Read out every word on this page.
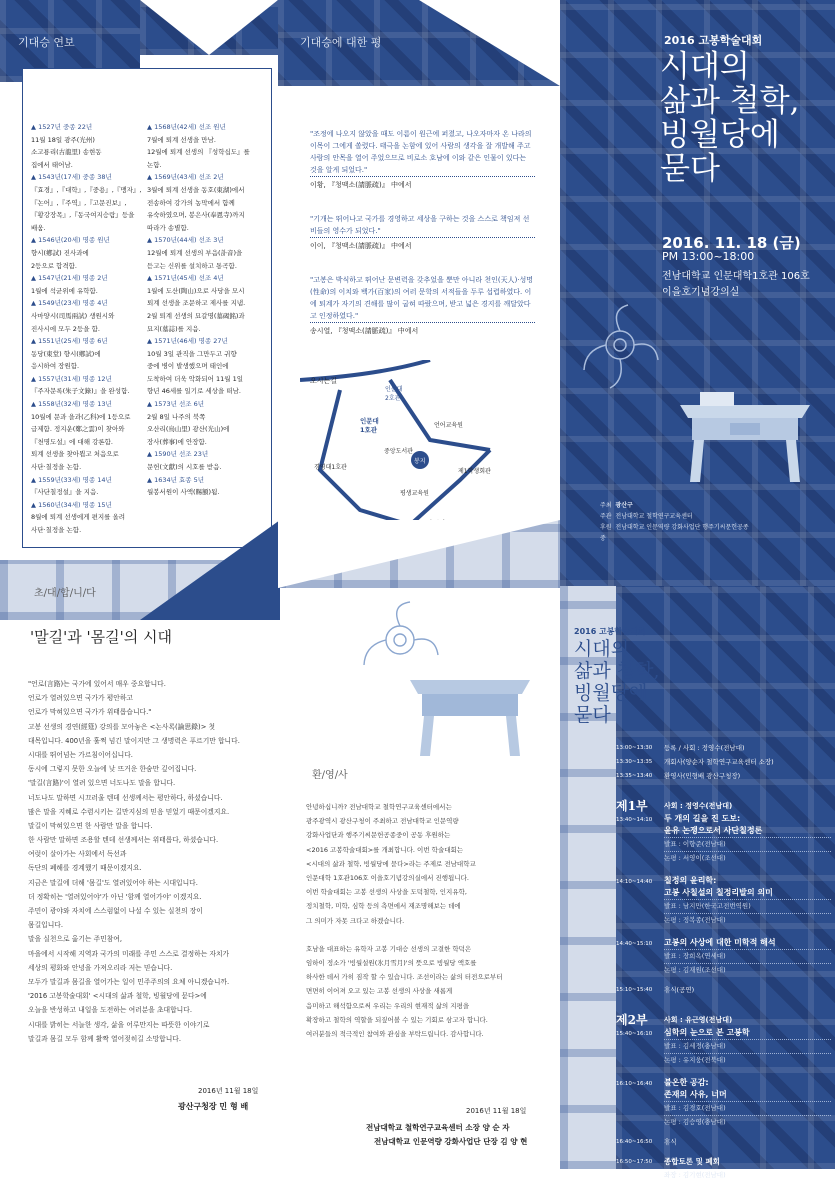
기대승 연보	기대승에 대한 평
▲ 1527년 중종 22년
11월 18일 광주(光州)
소고룡리(古龍里) 송현동
집에서 태어남.
▲ 1543년(17세) 중종 38년
『효경』,『대학』,『중용』,『맹자』,
『논어』,『주역』,『고문진보』,
『황강장목』,『동국여지승람』등을
배움.
▲ 1546년(20세) 명종 원년
향시(鄕試) 진사과에
2등으로 합격함.
▲ 1547년(21세) 명종 2년
1월에 석균위에 유학함.
▲ 1549년(23세) 명종 4년
사마양시(司馬兩試) 생원시와
진사시에 모두 2등을 함.
▲ 1551년(25세) 명종 6년
동당(東堂) 향시(鄕試)에
응시하여 장원함.
▲ 1557년(31세) 명종 12년
『주자문록(朱子文錄)』을 완성함.
▲ 1558년(32세) 명종 13년
10월에 문과 을과(乙科)에 1등으로
급제함. 정지운(鄭之雲)이 찾아와
『천명도설』에 대해 강론함.
퇴계 선생을 찾아뵙고 처음으로
사단·칠정을 논함.
▲ 1559년(33세) 명종 14년
『사단칠정설』을 지음.
▲ 1560년(34세) 명종 15년
8월에 퇴계 선생에게 편지를 올려
사단·칠정을 논함.
▲ 1568년(42세) 선조 원년
7월에 퇴계 선생을 만남.
12월에 퇴계 선생의 『성학십도』를
논함.
▲ 1569년(43세) 선조 2년
3월에 퇴계 선생을 동호(東湖)에서
전송하여 강가의 농막에서 함께
유숙하였으며, 봉은사(奉恩寺)까지
따라가 송별함.
▲ 1570년(44세) 선조 3년
12월에 퇴계 선생의 부음(訃音)을
듣고는 신위를 설치하고 통곡함.
▲ 1571년(45세) 선조 4년
1월에 도산(陶山)으로 사당을 모시
퇴계 선생을 조문하고 제사를 지냄.
2월 퇴계 선생의 묘갈명(墓碣銘)과
묘지(墓誌)를 지음.
▲ 1571년(46세) 명종 27년
10월 3일 관직을 그만두고 귀향
중에 병이 발생했으며 태인에
도착하여 더욱 악화되어 11월 1일
향년 46세를 일기로 세상을 떠남.
▲ 1573년 선조 6년
2월 8일 나주의 북쪽
오산리(鳥山里) 광산(光山)에
장사(葬事)에 안장함.
▲ 1590년 선조 23년
문헌(文獻)의 시호를 받음.
▲ 1634년 효종 5년
월봉서원이 사액(賜額)됨.
"조정에 나오지 않았을 때도 이름이 원근에 퍼졌고, 나오자마자 온 나라의 이목이 그에게 쏠렸다. 태극을 논함에 있어 사람의 생각을 잘 개발해 주고 사람의 안목을 열어 주었으므로 비로소 호남에 이와 같은 인물이 있다는 것을 알게 되었다."
이황, 『청맥소(請脈疏)』 中에서
"기개는 뛰어나고 국가를 경영하고 세상을 구하는 것을 스스로 책임져 선비들의 영수가 되었다."
이이, 『청맥소(請脈疏)』 中에서
"고봉은 박식하고 뛰어난 문변력을 갖추었을 뿐만 아니라 천인(天人)·성명(性命)의 이치와 백가(百家)의 여러 문학의 서적들을 두루 섭렵하였다. 이에 퇴계가 자기의 견해를 많이 굽혀 따랐으며, 받고 넓은 경지를 깨달았다고 인정하였다."
송시열, 『청맥소(請脈疏)』 中에서
오시는길
인문대 2호관
인문대 1호관
중앙도서관
봉지
언어교육원
경영대1호관
제1학생회관
평생교육원
2016 고봉학술대회
시대의
삶과 철학,
빙월당에
묻다
2016. 11. 18 (금)
PM 13:00~18:00
전남대학교 인문대학1호관 106호
이을호기념강의실
주최 광산구
주관 전남대학교 철학연구교육센터
후원 전남대학교 인문역량 강화사업단 행주기씨문헌공종중
초/대/합/니/다
환/영/사
'말길'과 '몸길'의 시대
"언로(言路)는 국가에 있어서 매우 중요합니다.
언로가 열려있으면 국가가 평안하고
언로가 막혀있으면 국가가 위태롭습니다."
고봉 선생의 경연(經筵) 강의를 모아놓은 <논사록(論思錄)> 첫
대목입니다. 400년을 훌쩍 넘긴 말이지만 그 생명력은 푸르기만 합니다.
시대를 뛰어넘는 가르침이어십니다.
동시에 그렇지 못한 오늘에 낮 뜨거운 한숨만 깊어집니다.
'말길(言路)'이 열려 있으면 너도나도 말을 합니다.
너도나도 말하면 시끄러울 텐데 선생께서는 평안하다, 하셨습니다.
많은 말을 지혜로 수렴시키는 길만지심의 믿음 믿었기 때문이겠지요.
말길이 막혀있으면 한 사람만 말을 합니다.
한 사람만 말하면 조용할 텐데 선생께서는 위태롭다, 하셨습니다.
여럿이 살아가는 사회에서 독선과
독단의 폐해를 경계했기 때문이겠지요.
지금은 말길에 더해 '몸길'도 열려있어야 하는 시대입니다.
더 정확히는 '열려있어야'가 아닌 '함께 열어가야' 이겠지요.
주민이 광야와 자치에 스스럼없이 나설 수 있는 실천의 장이
몸길입니다.
말을 실천으로 옮기는 주민참여,
마을에서 시작해 지역과 국가의 미래를 주민 스스로 결정하는 자치가
세상의 평화와 안녕을 가져오리라 저는 믿습니다.
모두가 말길과 몸길을 열어가는 일이 민주주의의 요체 아니겠습니까.
'2016 고봉학술대회' <시대의 삶과 철학, 빙월당에 묻다>에
오늘을 반성하고 내일을 도전하는 여러분을 초대합니다.
시대를 밝히는 서늘한 생각, 삶을 어루만지는 따뜻한 이야기로
말길과 몸길 모두 함께 활짝 열어젖히길 소망합니다.
2016년 11월 18일
광산구청장 민 형 배
안녕하십니까? 전남대학교 철학연구교육센터에서는
광주광역시 광산구청이 주최하고 전남대학교 인문역량
강화사업단과 행주기씨문헌공종중이 공동 후원하는
<2016 고봉학술대회>를 개최합니다. 이번 학술대회는
<시대의 삶과 철학, 빙월당에 묻다>라는 주제로 전남대학교
인문대학 1호관106호 이을호기념강의실에서 진행됩니다.
이번 학술대회는 고봉 선생의 사상을 도덕철학, 인지유학,
정치철학, 미학, 심학 등의 측면에서 재조명해보는 데에
그 의미가 자못 크다고 하겠습니다.
호남을 대표하는 유학자 고봉 기대승 선생의 고결한 학덕은
임하이 정소가 '빙월설원(氷月雪月)'의 뜻으로 빙월당 액호를
하사한 데서 가히 짐작 할 수 있습니다. 조선이라는 삶의 터전으로부터
면면히 이어져 오고 있는 고봉 선생의 사상을 새롭게
음미하고 해석함으로써 우리는 우리의 현재적 삶의 지평을
확장하고 철학의 역할을 되짚어볼 수 있는 기회로 삼고자 합니다.
여러분들의 적극적인 참여와 관심을 부탁드립니다. 감사합니다.
2016년 11월 18일
전남대학교 철학연구교육센터 소장 양 순 자
전남대학교 인문역량 강화사업단 단장 김 양 현
2016 고봉학술대회
시대의
삶과 철학,
빙월당에
묻다
13:00~13:30	등록 / 사회 : 정영수(전남대)
13:30~13:35	개회사(양순자 철학연구교육센터 소장)
13:35~13:40	환영사(민형배 광산구청장)
제1부
13:40~14:10
사회 : 정영수(전남대)
두 개의 길을 진 도보:
윤유 논쟁으로서 사단칠정론
발표 : 이향준(전남대)
논평 : 서영이(조선대)
14:10~14:40 칠정의 윤리학:
고봉 사칠설의 칠정리발의 의미
발표 : 남지만(한국고전번역원)
논평 : 정복종(전남대)
14:40~15:10 고봉의 사상에 대한 미학적 해석
발표 : 장희옥(연세대)
논평 : 김재원(조선대)
15:10~15:40	휴식(공연)
제2부
15:40~16:10
사회 : 유근영(전남대)
심학의 눈으로 본 고봉학
발표 : 김세정(충남대)
논평 : 유지웅(전북대)
16:10~16:40 불온한 공감:
존재의 사유, 너머
발표 : 김경호(전남대)
논평 : 김승영(충남대)
16:40~16:50	휴식
16:50~17:50	종합토론 및 폐회
좌장 : 김기현(전남대)
17:50~20:00	만찬
